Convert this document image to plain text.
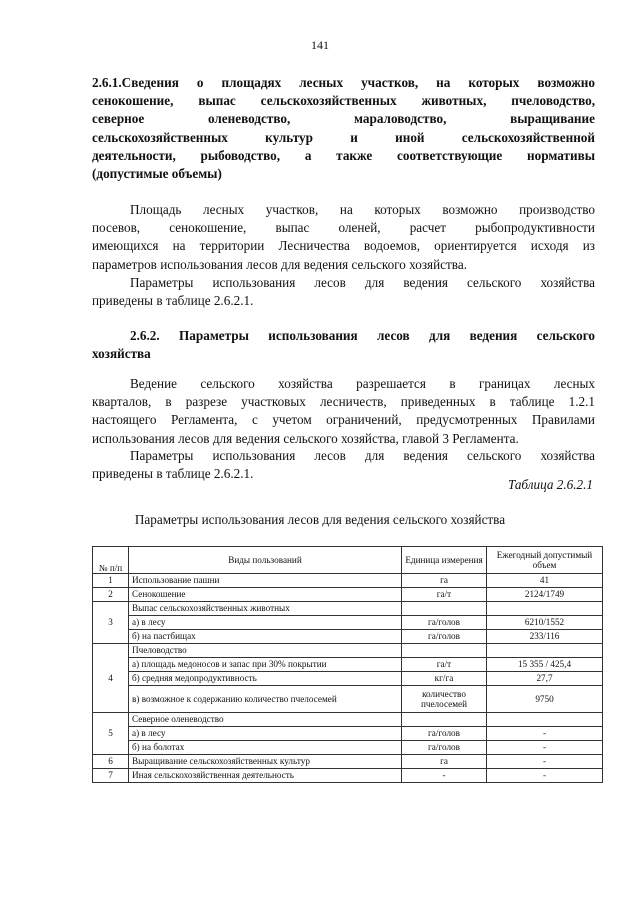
141
2.6.1.Сведения о площадях лесных участков, на которых возможно
сенокошение, выпас сельскохозяйственных животных, пчеловодство,
северное оленеводство, мараловодство, выращивание
сельскохозяйственных культур и иной сельскохозяйственной
деятельности, рыбоводство, а также соответствующие нормативы
(допустимые объемы)
Площадь лесных участков, на которых возможно производство
посевов, сенокошение, выпас оленей, расчет рыбопродуктивности
имеющихся на территории Лесничества водоемов, ориентируется исходя из
параметров использования лесов для ведения сельского хозяйства.
Параметры использования лесов для ведения сельского хозяйства
приведены в таблице 2.6.2.1.
2.6.2. Параметры использования лесов для ведения сельского
хозяйства
Ведение сельского хозяйства разрешается в границах лесных
кварталов, в разрезе участковых лесничеств, приведенных в таблице 1.2.1
настоящего Регламента, с учетом ограничений, предусмотренных Правилами
использования лесов для ведения сельского хозяйства, главой 3 Регламента.
Параметры использования лесов для ведения сельского хозяйства
приведены в таблице 2.6.2.1.
Таблица 2.6.2.1
Параметры использования лесов для ведения сельского хозяйства
№ п/п	Виды пользований	Единица измерения	Ежегодный допустимый объем
1	Использование пашни	га	41
2	Сенокошение	га/т	2124/1749
3	Выпас сельскохозяйственных животных		
	а) в лесу	га/голов	6210/1552
	б) на пастбищах	га/голов	233/116
4	Пчеловодство		
	а) площадь медоносов и запас при 30% покрытии	га/т	15 355 / 425,4
	б) средняя медопродуктивность	кг/га	27,7
	в) возможное к содержанию количество пчелосемей	количество пчелосемей	9750
5	Северное оленеводство		
	а) в лесу	га/голов	-
	б) на болотах	га/голов	-
6	Выращивание сельскохозяйственных культур	га	-
7	Иная сельскохозяйственная деятельность	-	-
